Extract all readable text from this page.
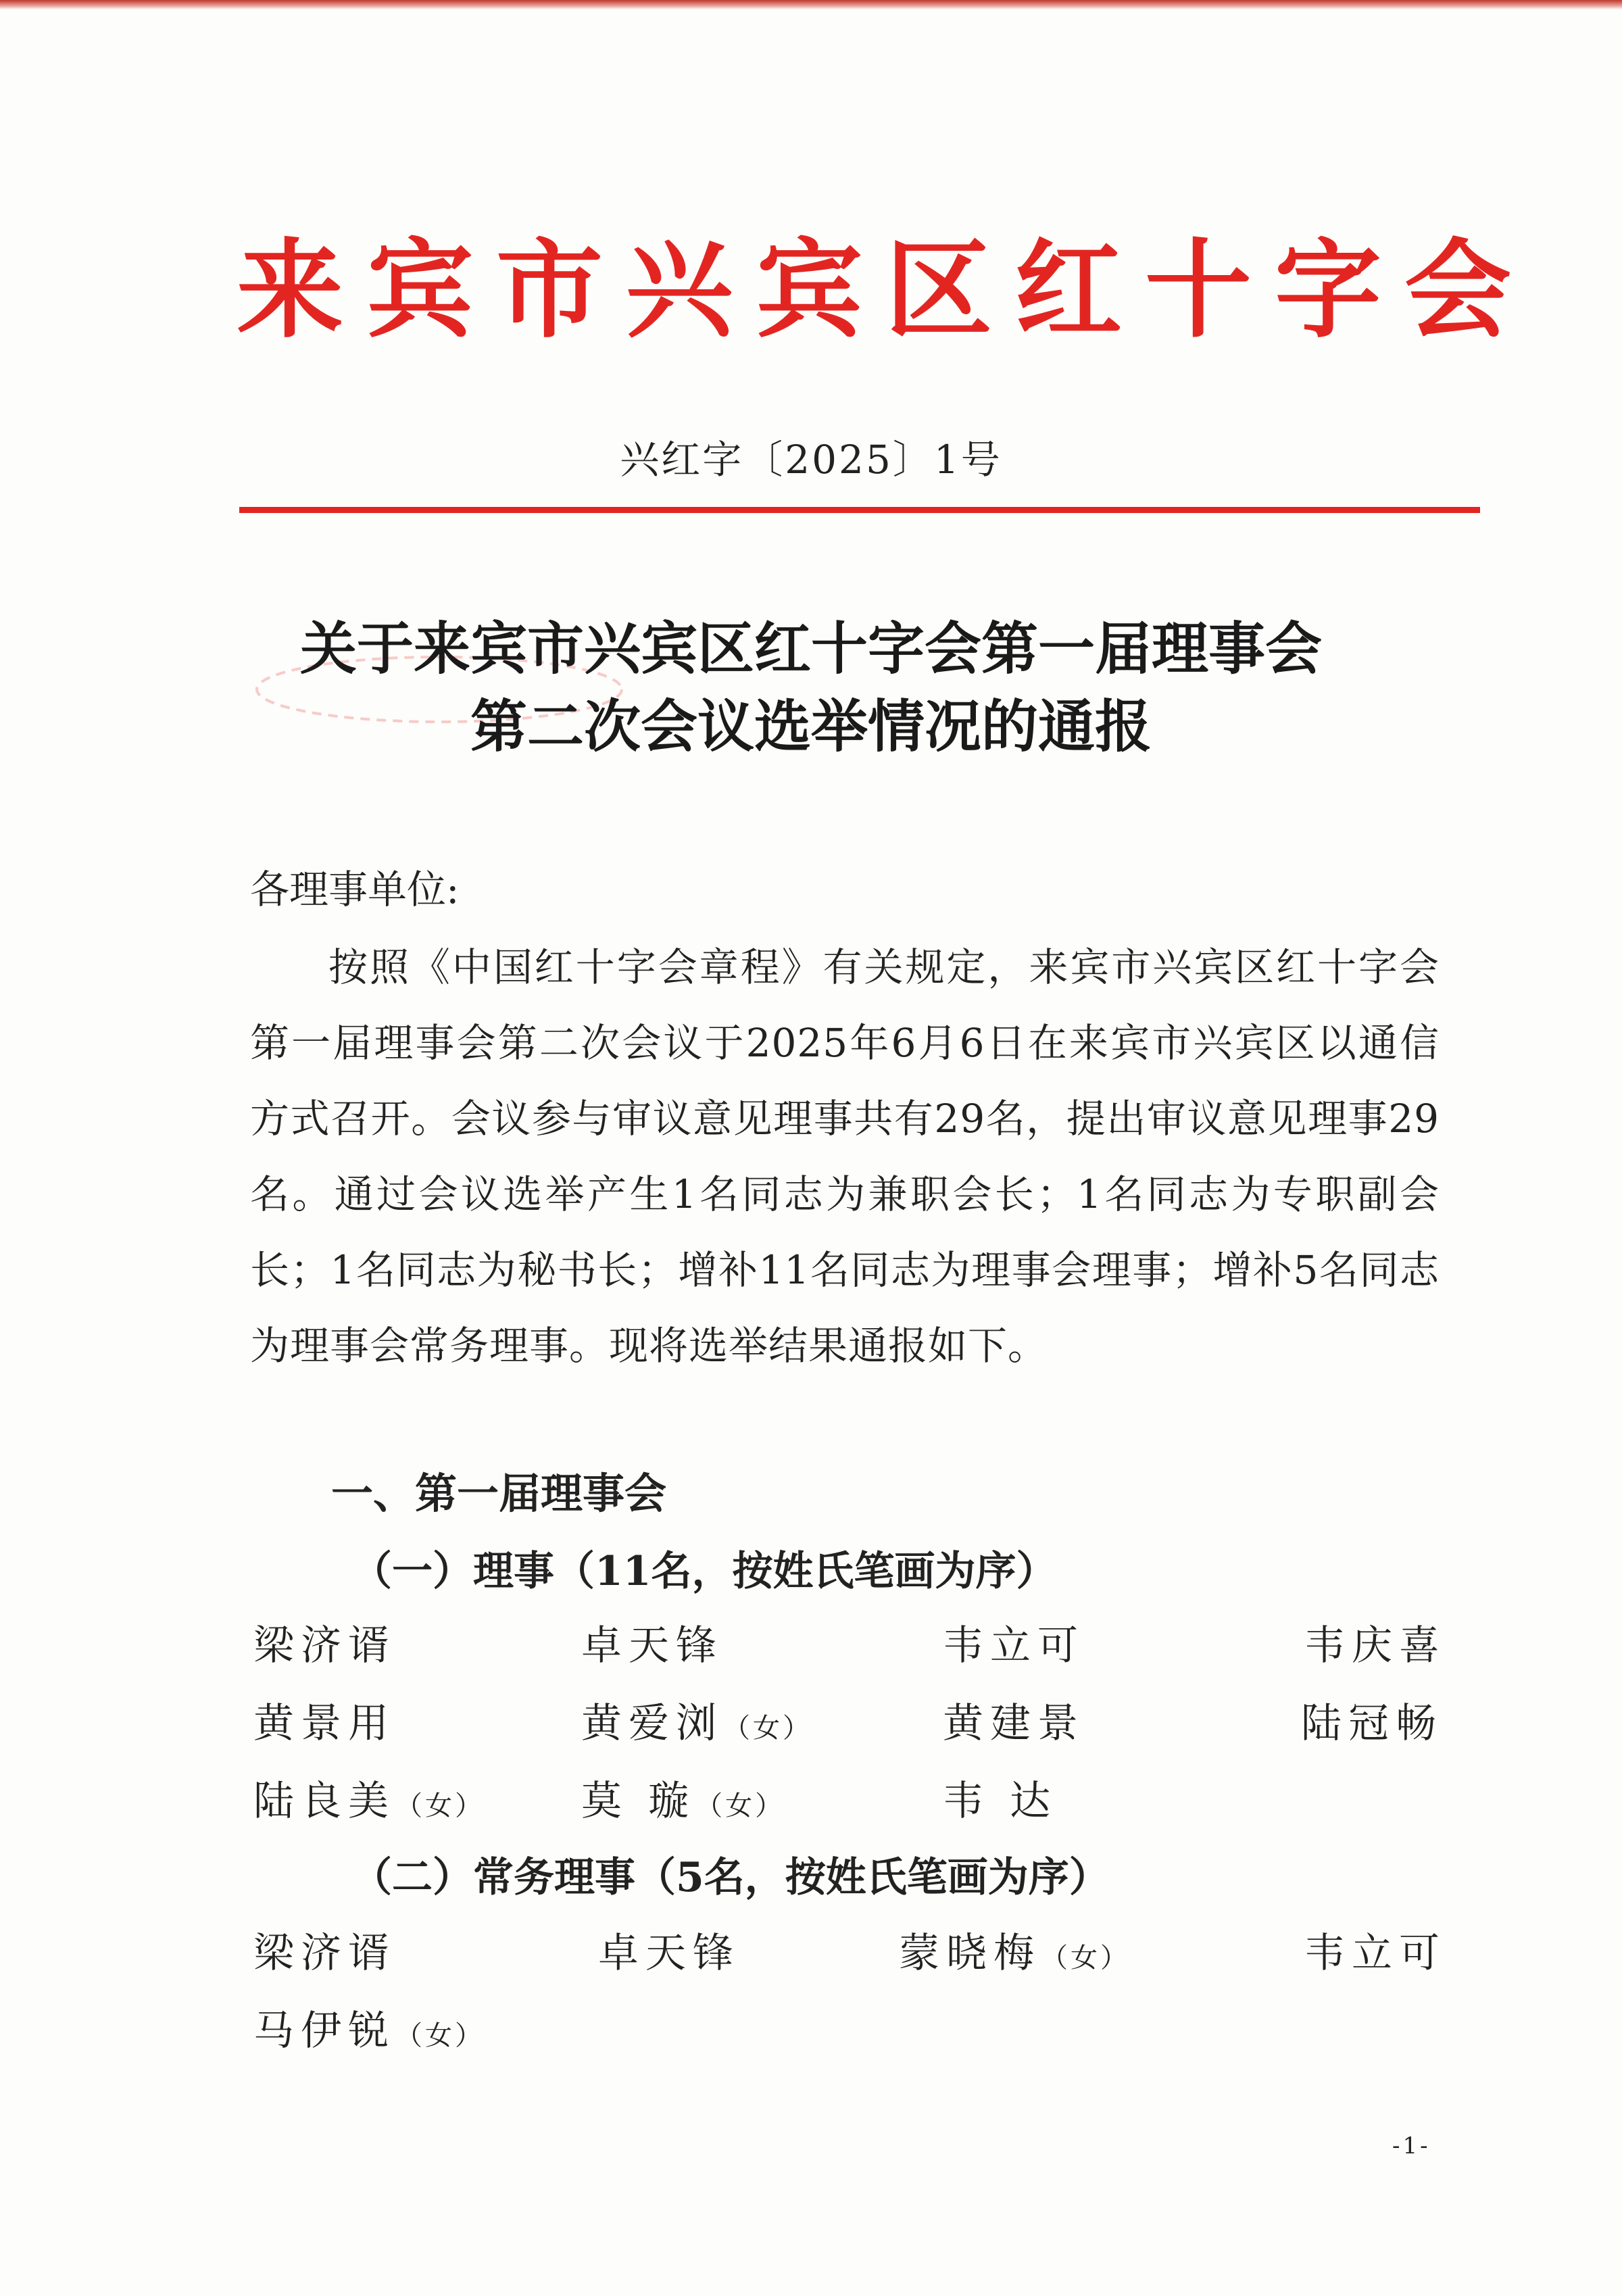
来宾市兴宾区红十字会
兴红字〔2025〕1号
关于来宾市兴宾区红十字会第一届理事会
第二次会议选举情况的通报
各理事单位:
按照《中国红十字会章程》有关规定，来宾市兴宾区红十字会第一届理事会第二次会议于2025年6月6日在来宾市兴宾区以通信方式召开。会议参与审议意见理事共有29名，提出审议意见理事29名。通过会议选举产生1名同志为兼职会长；1名同志为专职副会长；1名同志为秘书长；增补11名同志为理事会理事；增补5名同志为理事会常务理事。现将选举结果通报如下。
一、第一届理事会
（一）理事（11名，按姓氏笔画为序）
梁济谞	卓天锋	韦立可	韦庆喜
黄景用	黄爱浏（女）	黄建景	陆冠畅
陆良美（女） 莫 璇（女）	韦 达
（二）常务理事（5名，按姓氏笔画为序）
梁济谞	卓天锋	蒙晓梅（女）	韦立可
马伊锐（女）
-1-
